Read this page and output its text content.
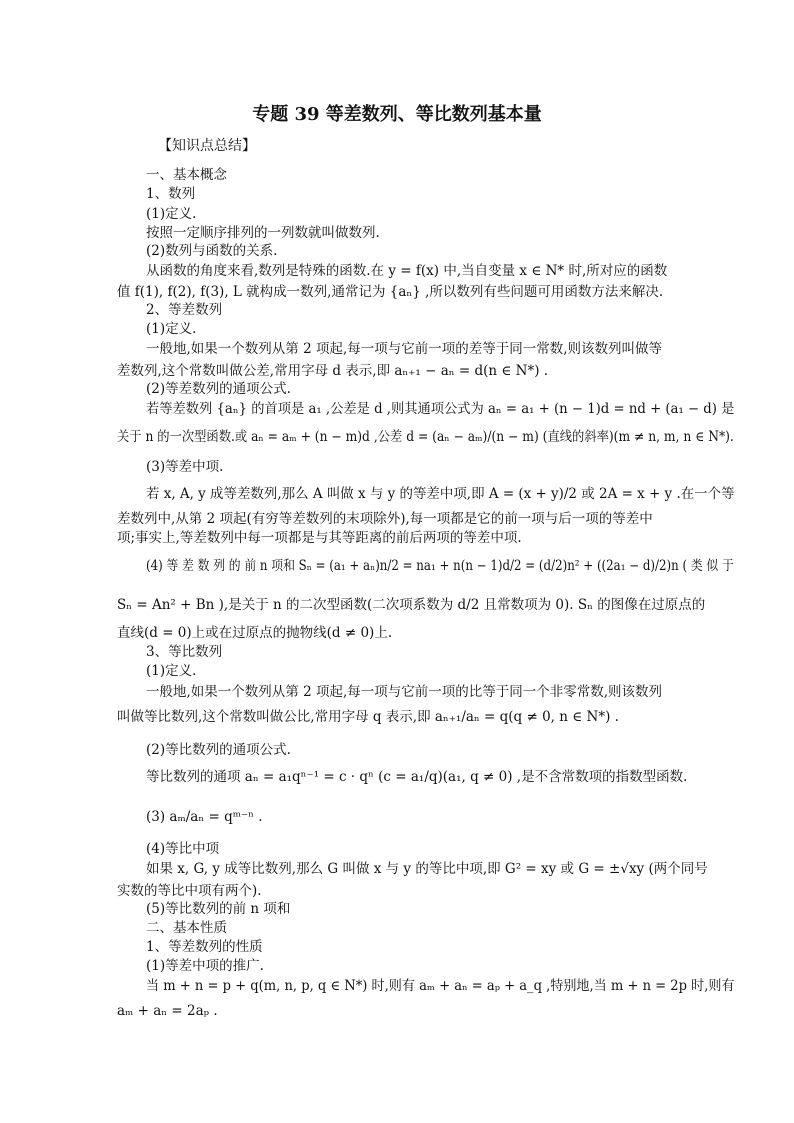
专题 39 等差数列、等比数列基本量
【知识点总结】
一、基本概念
1、数列
(1)定义.
按照一定顺序排列的一列数就叫做数列.
(2)数列与函数的关系.
从函数的角度来看,数列是特殊的函数.在 y = f(x) 中,当自变量 x ∈ N* 时,所对应的函数
值 f(1), f(2), f(3), L 就构成一数列,通常记为 {aₙ} ,所以数列有些问题可用函数方法来解决.
2、等差数列
(1)定义.
一般地,如果一个数列从第 2 项起,每一项与它前一项的差等于同一常数,则该数列叫做等
差数列,这个常数叫做公差,常用字母 d 表示,即 aₙ₊₁ − aₙ = d(n ∈ N*) .
(2)等差数列的通项公式.
若等差数列 {aₙ} 的首项是 a₁ ,公差是 d ,则其通项公式为 aₙ = a₁ + (n − 1)d = nd + (a₁ − d) 是
关于 n 的一次型函数.或 aₙ = aₘ + (n − m)d ,公差 d = (aₙ − aₘ)/(n − m) (直线的斜率)(m ≠ n, m, n ∈ N*).
(3)等差中项.
若 x, A, y 成等差数列,那么 A 叫做 x 与 y 的等差中项,即 A = (x + y)/2 或 2A = x + y .在一个等
差数列中,从第 2 项起(有穷等差数列的末项除外),每一项都是它的前一项与后一项的等差中
项;事实上,等差数列中每一项都是与其等距离的前后两项的等差中项.
(4) 等 差 数 列 的 前 n 项和 Sₙ = (a₁ + aₙ)n/2 = na₁ + n(n − 1)d/2 = (d/2)n² + ((2a₁ − d)/2)n ( 类 似 于
Sₙ = An² + Bn ),是关于 n 的二次型函数(二次项系数为 d/2 且常数项为 0). Sₙ 的图像在过原点的
直线(d = 0)上或在过原点的抛物线(d ≠ 0)上.
3、等比数列
(1)定义.
一般地,如果一个数列从第 2 项起,每一项与它前一项的比等于同一个非零常数,则该数列
叫做等比数列,这个常数叫做公比,常用字母 q 表示,即 aₙ₊₁/aₙ = q(q ≠ 0, n ∈ N*) .
(2)等比数列的通项公式.
等比数列的通项 aₙ = a₁qⁿ⁻¹ = c · qⁿ (c = a₁/q)(a₁, q ≠ 0) ,是不含常数项的指数型函数.
(3) aₘ/aₙ = qᵐ⁻ⁿ .
(4)等比中项
如果 x, G, y 成等比数列,那么 G 叫做 x 与 y 的等比中项,即 G² = xy 或 G = ±√xy (两个同号
实数的等比中项有两个).
(5)等比数列的前 n 项和
二、基本性质
1、等差数列的性质
(1)等差中项的推广.
当 m + n = p + q(m, n, p, q ∈ N*) 时,则有 aₘ + aₙ = aₚ + a_q ,特别地,当 m + n = 2p 时,则有
aₘ + aₙ = 2aₚ .
